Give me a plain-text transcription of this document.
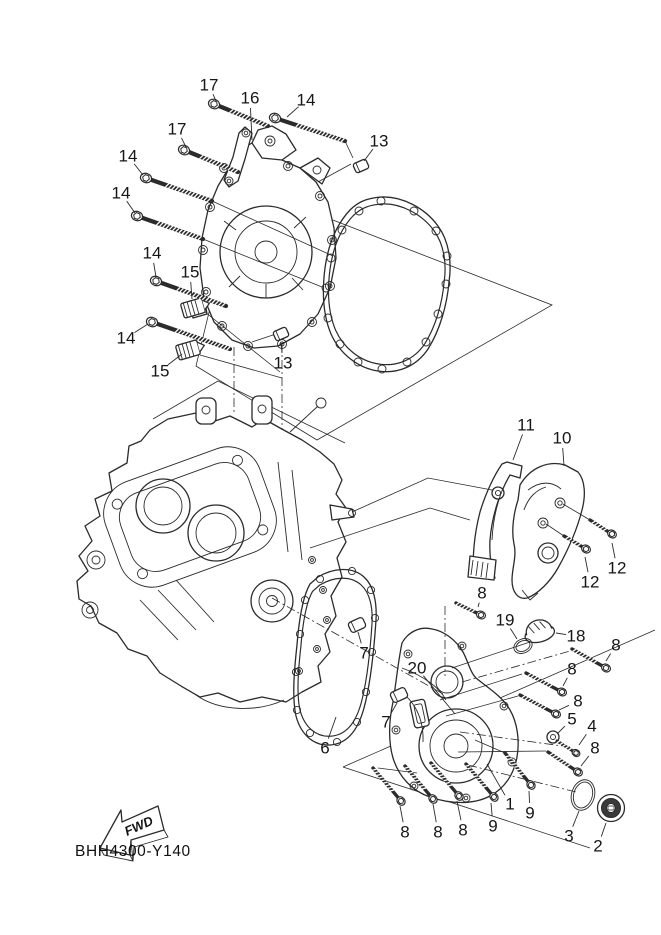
17
16 14
17
13
14
14
14
15
14
15	13
11
10
12
12
8
19
18 8
8
8
5 4
8
20
7
7
6
1 9
9
8
8
8	3
2
FWD
BHH4300-Y140
